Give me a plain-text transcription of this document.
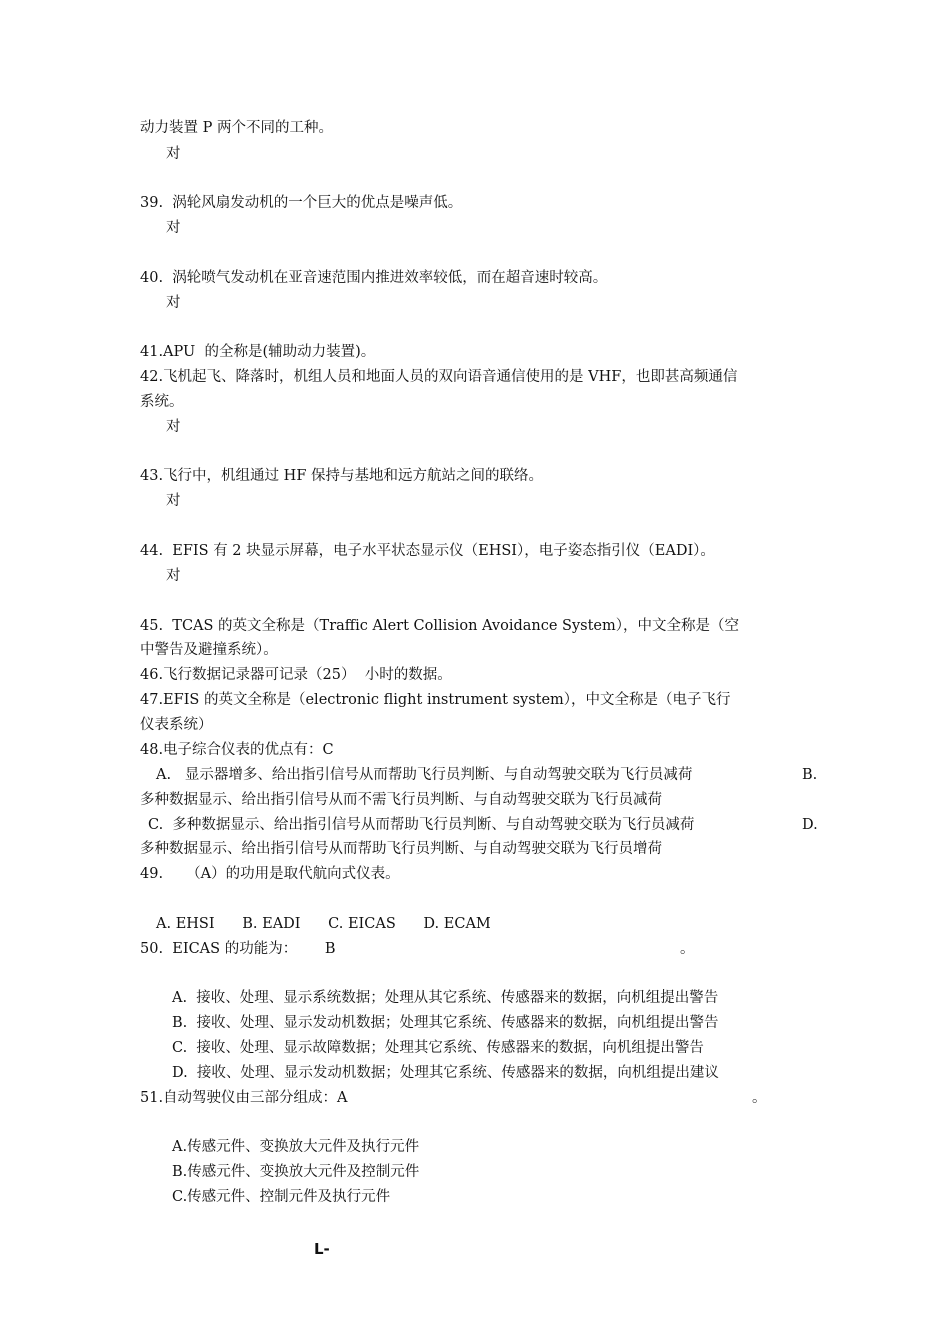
动力装置 P 两个不同的工种。

对

39.  涡轮风扇发动机的一个巨大的优点是噪声低。

对

40.  涡轮喷气发动机在亚音速范围内推进效率较低，而在超音速时较高。

对

41.APU  的全称是(辅助动力装置)。

42.飞机起飞、降落时，机组人员和地面人员的双向语音通信使用的是 VHF，也即甚高频通信

系统。

对

43.飞行中，机组通过 HF 保持与基地和远方航站之间的联络。

对

44.  EFIS 有 2 块显示屏幕，电子水平状态显示仪（EHSI），电子姿态指引仪（EADI）。

对

45.  TCAS 的英文全称是（Traffic Alert Collision Avoidance System），中文全称是（空

中警告及避撞系统）。

46.飞行数据记录器可记录（25）  小时的数据。

47.EFIS 的英文全称是（electronic flight instrument system），中文全称是（电子飞行

仪表系统）

48.电子综合仪表的优点有：C

A.   显示器增多、给出指引信号从而帮助飞行员判断、与自动驾驶交联为飞行员减荷	B.

多种数据显示、给出指引信号从而不需飞行员判断、与自动驾驶交联为飞行员减荷

C.  多种数据显示、给出指引信号从而帮助飞行员判断、与自动驾驶交联为飞行员减荷	D.

多种数据显示、给出指引信号从而帮助飞行员判断、与自动驾驶交联为飞行员增荷

49.     （A）的功用是取代航向式仪表。

A. EHSI      B. EADI      C. EICAS      D. ECAM

50.  EICAS 的功能为：      B	。

A.  接收、处理、显示系统数据；处理从其它系统、传感器来的数据，向机组提出警告

B.  接收、处理、显示发动机数据；处理其它系统、传感器来的数据，向机组提出警告

C.  接收、处理、显示故障数据；处理其它系统、传感器来的数据，向机组提出警告

D.  接收、处理、显示发动机数据；处理其它系统、传感器来的数据，向机组提出建议

51.自动驾驶仪由三部分组成：A	。

A.传感元件、变换放大元件及执行元件

B.传感元件、变换放大元件及控制元件

C.传感元件、控制元件及执行元件

L-
